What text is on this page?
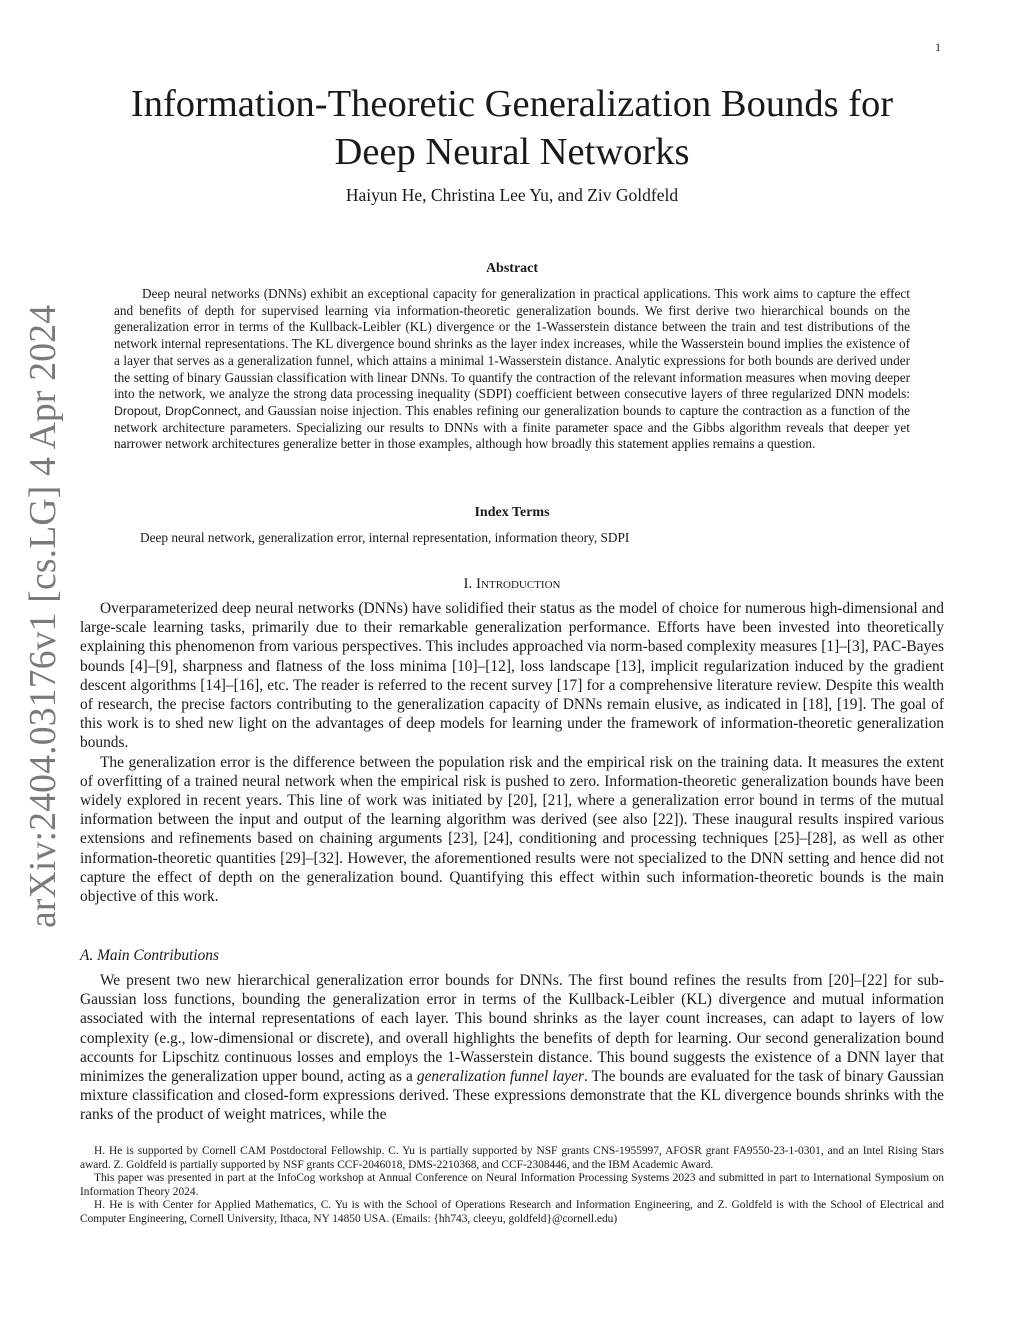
1
arXiv:2404.03176v1 [cs.LG] 4 Apr 2024
Information-Theoretic Generalization Bounds for
Deep Neural Networks
Haiyun He, Christina Lee Yu, and Ziv Goldfeld
Abstract

Deep neural networks (DNNs) exhibit an exceptional capacity for generalization in practical applications. This work aims to capture the effect and benefits of depth for supervised learning via information-theoretic generalization bounds. We first derive two hierarchical bounds on the generalization error in terms of the Kullback-Leibler (KL) divergence or the 1-Wasserstein distance between the train and test distributions of the network internal representations. The KL divergence bound shrinks as the layer index increases, while the Wasserstein bound implies the existence of a layer that serves as a generalization funnel, which attains a minimal 1-Wasserstein distance. Analytic expressions for both bounds are derived under the setting of binary Gaussian classification with linear DNNs. To quantify the contraction of the relevant information measures when moving deeper into the network, we analyze the strong data processing inequality (SDPI) coefficient between consecutive layers of three regularized DNN models: Dropout, DropConnect, and Gaussian noise injection. This enables refining our generalization bounds to capture the contraction as a function of the network architecture parameters. Specializing our results to DNNs with a finite parameter space and the Gibbs algorithm reveals that deeper yet narrower network architectures generalize better in those examples, although how broadly this statement applies remains a question.

Index Terms
Deep neural network, generalization error, internal representation, information theory, SDPI
I. Introduction

Overparameterized deep neural networks (DNNs) have solidified their status as the model of choice for numerous high-dimensional and large-scale learning tasks, primarily due to their remarkable generalization performance. Efforts have been invested into theoretically explaining this phenomenon from various perspectives. This includes approached via norm-based complexity measures [1]–[3], PAC-Bayes bounds [4]–[9], sharpness and flatness of the loss minima [10]–[12], loss landscape [13], implicit regularization induced by the gradient descent algorithms [14]–[16], etc. The reader is referred to the recent survey [17] for a comprehensive literature review. Despite this wealth of research, the precise factors contributing to the generalization capacity of DNNs remain elusive, as indicated in [18], [19]. The goal of this work is to shed new light on the advantages of deep models for learning under the framework of information-theoretic generalization bounds.

The generalization error is the difference between the population risk and the empirical risk on the training data. It measures the extent of overfitting of a trained neural network when the empirical risk is pushed to zero. Information-theoretic generalization bounds have been widely explored in recent years. This line of work was initiated by [20], [21], where a generalization error bound in terms of the mutual information between the input and output of the learning algorithm was derived (see also [22]). These inaugural results inspired various extensions and refinements based on chaining arguments [23], [24], conditioning and processing techniques [25]–[28], as well as other information-theoretic quantities [29]–[32]. However, the aforementioned results were not specialized to the DNN setting and hence did not capture the effect of depth on the generalization bound. Quantifying this effect within such information-theoretic bounds is the main objective of this work.

A. Main Contributions

We present two new hierarchical generalization error bounds for DNNs. The first bound refines the results from [20]–[22] for sub-Gaussian loss functions, bounding the generalization error in terms of the Kullback-Leibler (KL) divergence and mutual information associated with the internal representations of each layer. This bound shrinks as the layer count increases, can adapt to layers of low complexity (e.g., low-dimensional or discrete), and overall highlights the benefits of depth for learning. Our second generalization bound accounts for Lipschitz continuous losses and employs the 1-Wasserstein distance. This bound suggests the existence of a DNN layer that minimizes the generalization upper bound, acting as a generalization funnel layer. The bounds are evaluated for the task of binary Gaussian mixture classification and closed-form expressions derived. These expressions demonstrate that the KL divergence bounds shrinks with the ranks of the product of weight matrices, while the

H. He is supported by Cornell CAM Postdoctoral Fellowship. C. Yu is partially supported by NSF grants CNS-1955997, AFOSR grant FA9550-23-1-0301, and an Intel Rising Stars award. Z. Goldfeld is partially supported by NSF grants CCF-2046018, DMS-2210368, and CCF-2308446, and the IBM Academic Award.

This paper was presented in part at the InfoCog workshop at Annual Conference on Neural Information Processing Systems 2023 and submitted in part to International Symposium on Information Theory 2024.

H. He is with Center for Applied Mathematics, C. Yu is with the School of Operations Research and Information Engineering, and Z. Goldfeld is with the School of Electrical and Computer Engineering, Cornell University, Ithaca, NY 14850 USA. (Emails: {hh743, cleeyu, goldfeld}@cornell.edu)
